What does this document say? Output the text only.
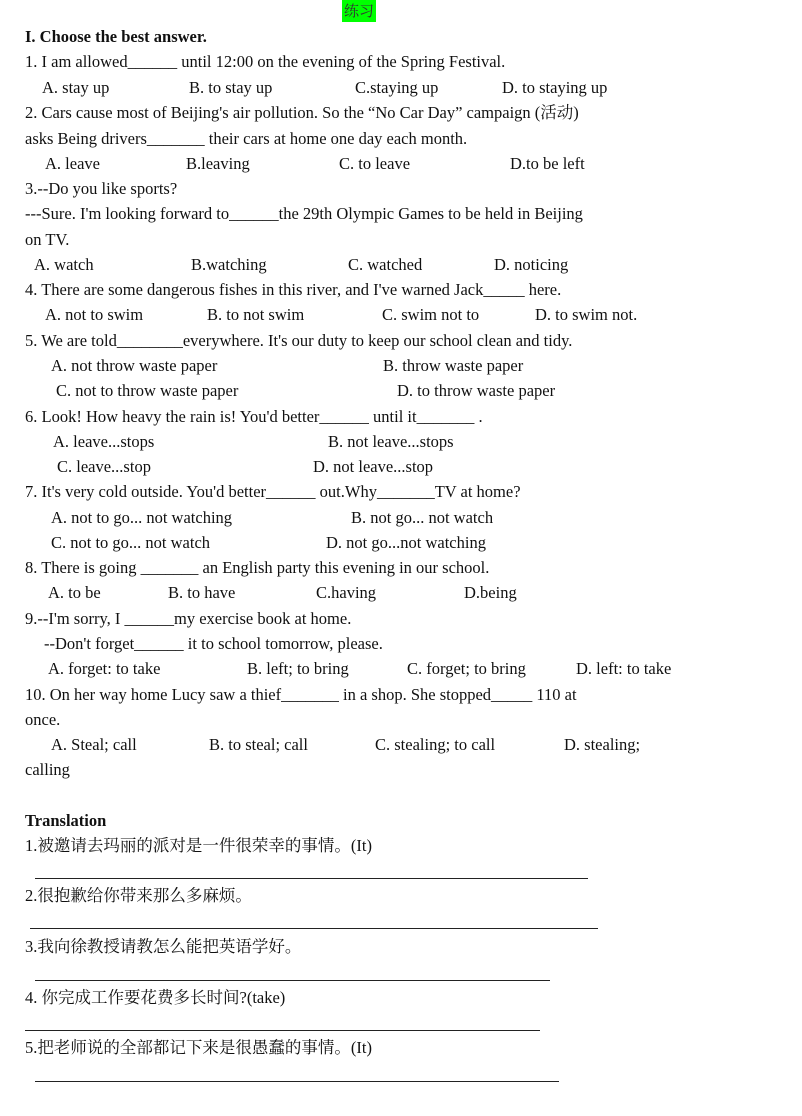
练习
I. Choose the best answer.
1. I am allowed______ until 12:00 on the evening of the Spring Festival.
A. stay up	B. to stay up	C.staying up	D. to staying up
2. Cars cause most of Beijing's air pollution. So the “No Car Day” campaign (活动)
asks Being drivers_______ their cars at home one day each month.
A. leave	B.leaving	C. to leave	D.to be left
3.--Do you like sports?
---Sure. I'm looking forward to______the 29th Olympic Games to be held in Beijing
on TV.
A. watch	B.watching	C. watched	D. noticing
4. There are some dangerous fishes in this river, and I've warned Jack_____ here.
A. not to swim	B. to not swim	C. swim not to	D. to swim not.
5. We are told________everywhere. It's our duty to keep our school clean and tidy.
A. not throw waste paper	B. throw waste paper
C. not to throw waste paper	D. to throw waste paper
6. Look! How heavy the rain is! You'd better______ until it_______ .
A. leave...stops	B. not leave...stops
C. leave...stop	D. not leave...stop
7. It's very cold outside. You'd better______ out.Why_______TV at home?
A. not to go... not watching	B. not go... not watch
C. not to go... not watch	D. not go...not watching
8. There is going _______ an English party this evening in our school.
A. to be	B. to have	C.having	D.being
9.--I'm sorry, I ______my exercise book at home.
--Don't forget______ it to school tomorrow, please.
A. forget: to take	B. left; to bring	C. forget; to bring	D. left: to take
10. On her way home Lucy saw a thief_______ in a shop. She stopped_____ 110 at
once.
A. Steal; call	B. to steal; call	C. stealing; to call	D. stealing;
calling
Translation
1.被邀请去玛丽的派对是一件很荣幸的事情。(It)
2.很抱歉给你带来那么多麻烦。
3.我向徐教授请教怎么能把英语学好。
4. 你完成工作要花费多长时间?(take)
5.把老师说的全部都记下来是很愚蠢的事情。(It)
